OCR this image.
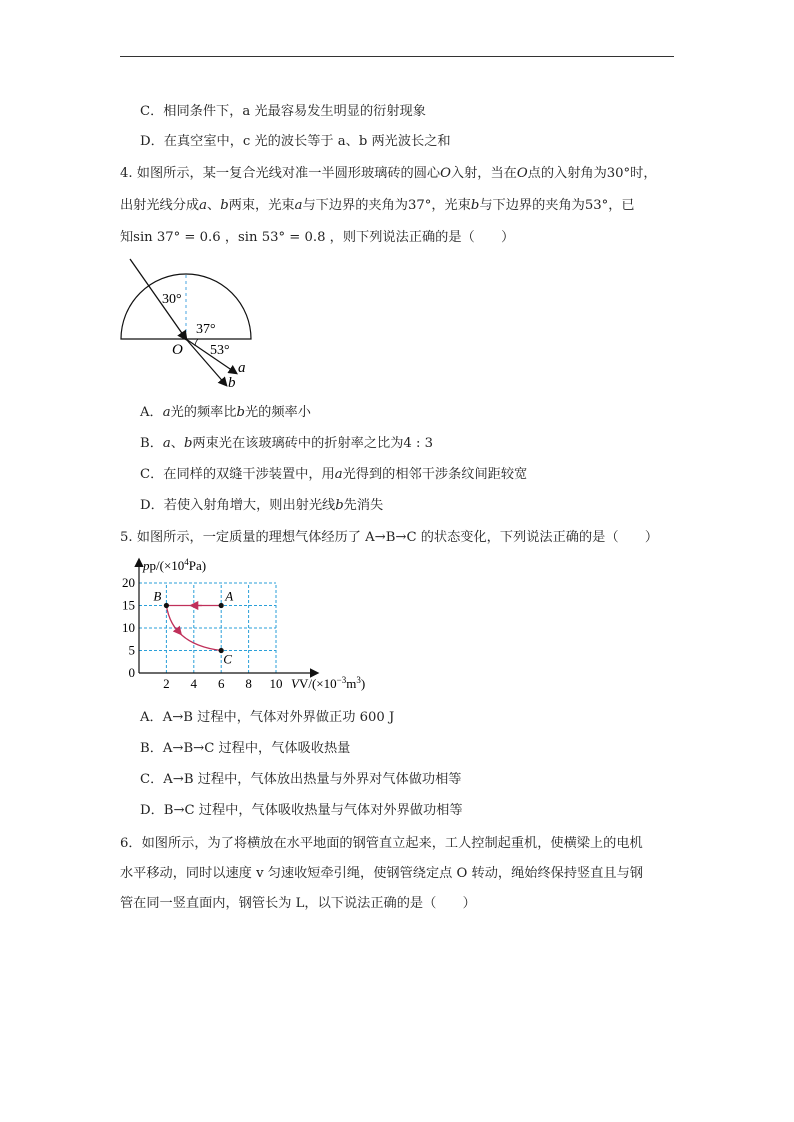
C．相同条件下，a 光最容易发生明显的衍射现象
D．在真空室中，c 光的波长等于 a、b 两光波长之和
4. 如图所示，某一复合光线对准一半圆形玻璃砖的圆心O入射，当在O点的入射角为30°时，
出射光线分成a、b两束，光束a与下边界的夹角为37°，光束b与下边界的夹角为53°，已
知sin 37° = 0.6 ，sin 53° = 0.8 ，则下列说法正确的是（　　）
30°
37°
53°
O
a
b
A．a光的频率比b光的频率小
B．a、b两束光在该玻璃砖中的折射率之比为4 : 3
C．在同样的双缝干涉装置中，用a光得到的相邻干涉条纹间距较宽
D．若使入射角增大，则出射光线b先消失
5. 如图所示，一定质量的理想气体经历了 A→B→C 的状态变化，下列说法正确的是（　　）
$pp/(\times 10^4Pa)$
$VV/(\times 10^{-3}m^3)$
2 4 6 8 10
0
5
10
15
20
A
B
C
A．A→B 过程中，气体对外界做正功 600 J
B．A→B→C 过程中，气体吸收热量
C．A→B 过程中，气体放出热量与外界对气体做功相等
D．B→C 过程中，气体吸收热量与气体对外界做功相等
6．如图所示，为了将横放在水平地面的钢管直立起来，工人控制起重机，使横梁上的电机
水平移动，同时以速度 v 匀速收短牵引绳，使钢管绕定点 O 转动，绳始终保持竖直且与钢
管在同一竖直面内，钢管长为 L，以下说法正确的是（　　）
